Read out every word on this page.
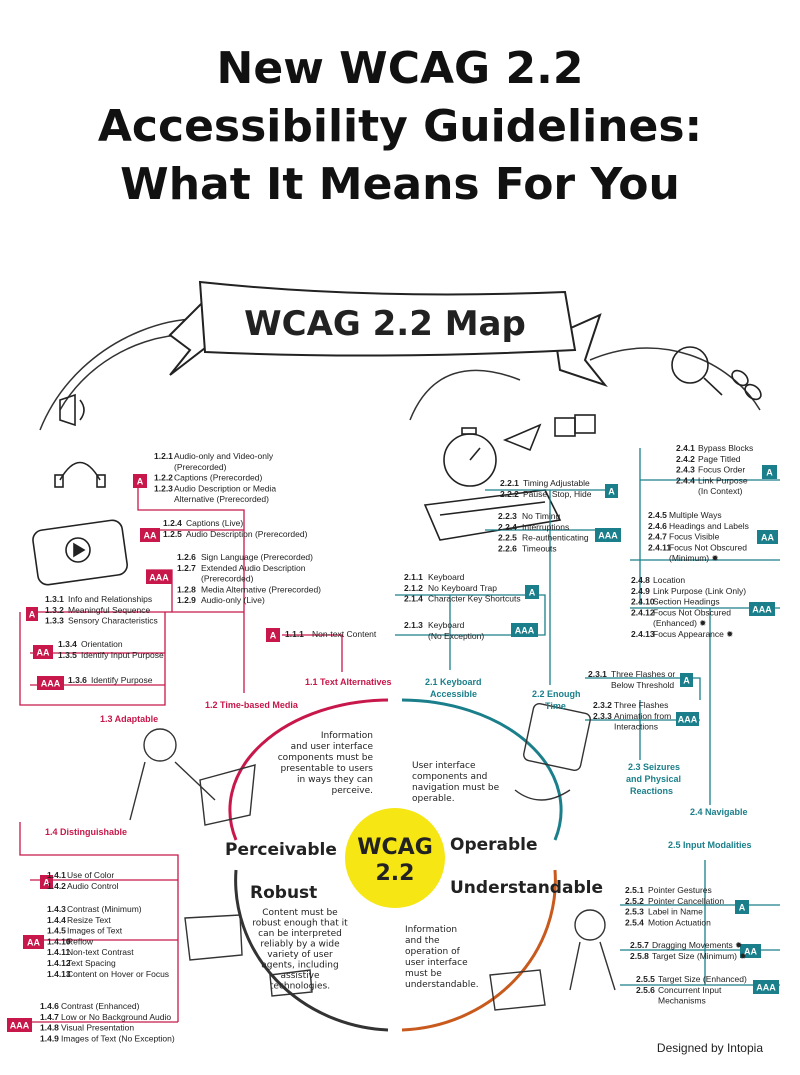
New WCAG 2.2
Accessibility Guidelines:
What It Means For You
WCAG 2.2 Map
WCAG
2.2
Perceivable	Operable
Robust	Understandable
Information
and user interface
components must be
presentable to users
in ways they can
perceive.
User interface
components and
navigation must be
operable.
Content must be
robust enough that it
can be interpreted
reliably by a wide
variety of user
agents, including
assistive
technologies.
Information
and the
operation of
user interface
must be
understandable.
1.1 Text Alternatives
1.2 Time-based Media
1.3 Adaptable
1.4 Distinguishable
2.1 Keyboard
Accessible	2.2 Enough
Time
2.3 Seizures
and Physical
Reactions
2.4 Navigable
2.5 Input Modalities
A
1.2.1 Audio-only and Video-only
(Prerecorded)
1.2.2 Captions (Prerecorded)
1.2.3 Audio Description or Media
Alternative (Prerecorded)
AA
1.2.4 Captions (Live)
1.2.5 Audio Description (Prerecorded)
AAA
1.2.6 Sign Language (Prerecorded)
1.2.7 Extended Audio Description
(Prerecorded)
1.2.8 Media Alternative (Prerecorded)
1.2.9 Audio-only (Live)
A
1.3.1 Info and Relationships
1.3.2 Meaningful Sequence
1.3.3 Sensory Characteristics
AA
1.3.4 Orientation
1.3.5 Identify Input Purpose
AAA 1.3.6 Identify Purpose
A 1.1.1 Non-text Content
A
2.1.1 Keyboard
2.1.2 No Keyboard Trap
2.1.4 Character Key Shortcuts
AAA
2.1.3 Keyboard
(No Exception)
A
2.2.1 Timing Adjustable
2.2.2 Pause, Stop, Hide
AAA
2.2.3 No Timing
2.2.4 Interruptions
2.2.5 Re-authenticating
2.2.6 Timeouts
A
2.4.1 Bypass Blocks
2.4.2 Page Titled
2.4.3 Focus Order
2.4.4 Link Purpose
(In Context)
AA
2.4.5 Multiple Ways
2.4.6 Headings and Labels
2.4.7 Focus Visible
2.4.11
Focus Not Obscured
(Minimum) ✹
AAA
2.4.8 Location
2.4.9 Link Purpose (Link Only)
2.4.10
Section Headings
2.4.12
Focus Not Obscured
(Enhanced) ✹
2.4.13
Focus Appearance ✹
A
2.3.1 Three Flashes or
Below Threshold
AAA
2.3.2 Three Flashes
2.3.3 Animation from
Interactions
A
1.4.1 Use of Color
1.4.2 Audio Control
AA
1.4.3 Contrast (Minimum)
1.4.4 Resize Text
1.4.5 Images of Text
1.4.10
Reflow
1.4.11
Non-text Contrast
1.4.12
Text Spacing
1.4.13
Content on Hover or Focus
AAA
1.4.6 Contrast (Enhanced)
1.4.7 Low or No Background Audio
1.4.8 Visual Presentation
1.4.9 Images of Text (No Exception)
A
2.5.1 Pointer Gestures
2.5.2 Pointer Cancellation
2.5.3 Label in Name
2.5.4 Motion Actuation
AA
2.5.7 Dragging Movements ✹
2.5.8 Target Size (Minimum) ✹
AAA
2.5.5 Target Size (Enhanced)
2.5.6 Concurrent Input
Mechanisms
Designed by Intopia
